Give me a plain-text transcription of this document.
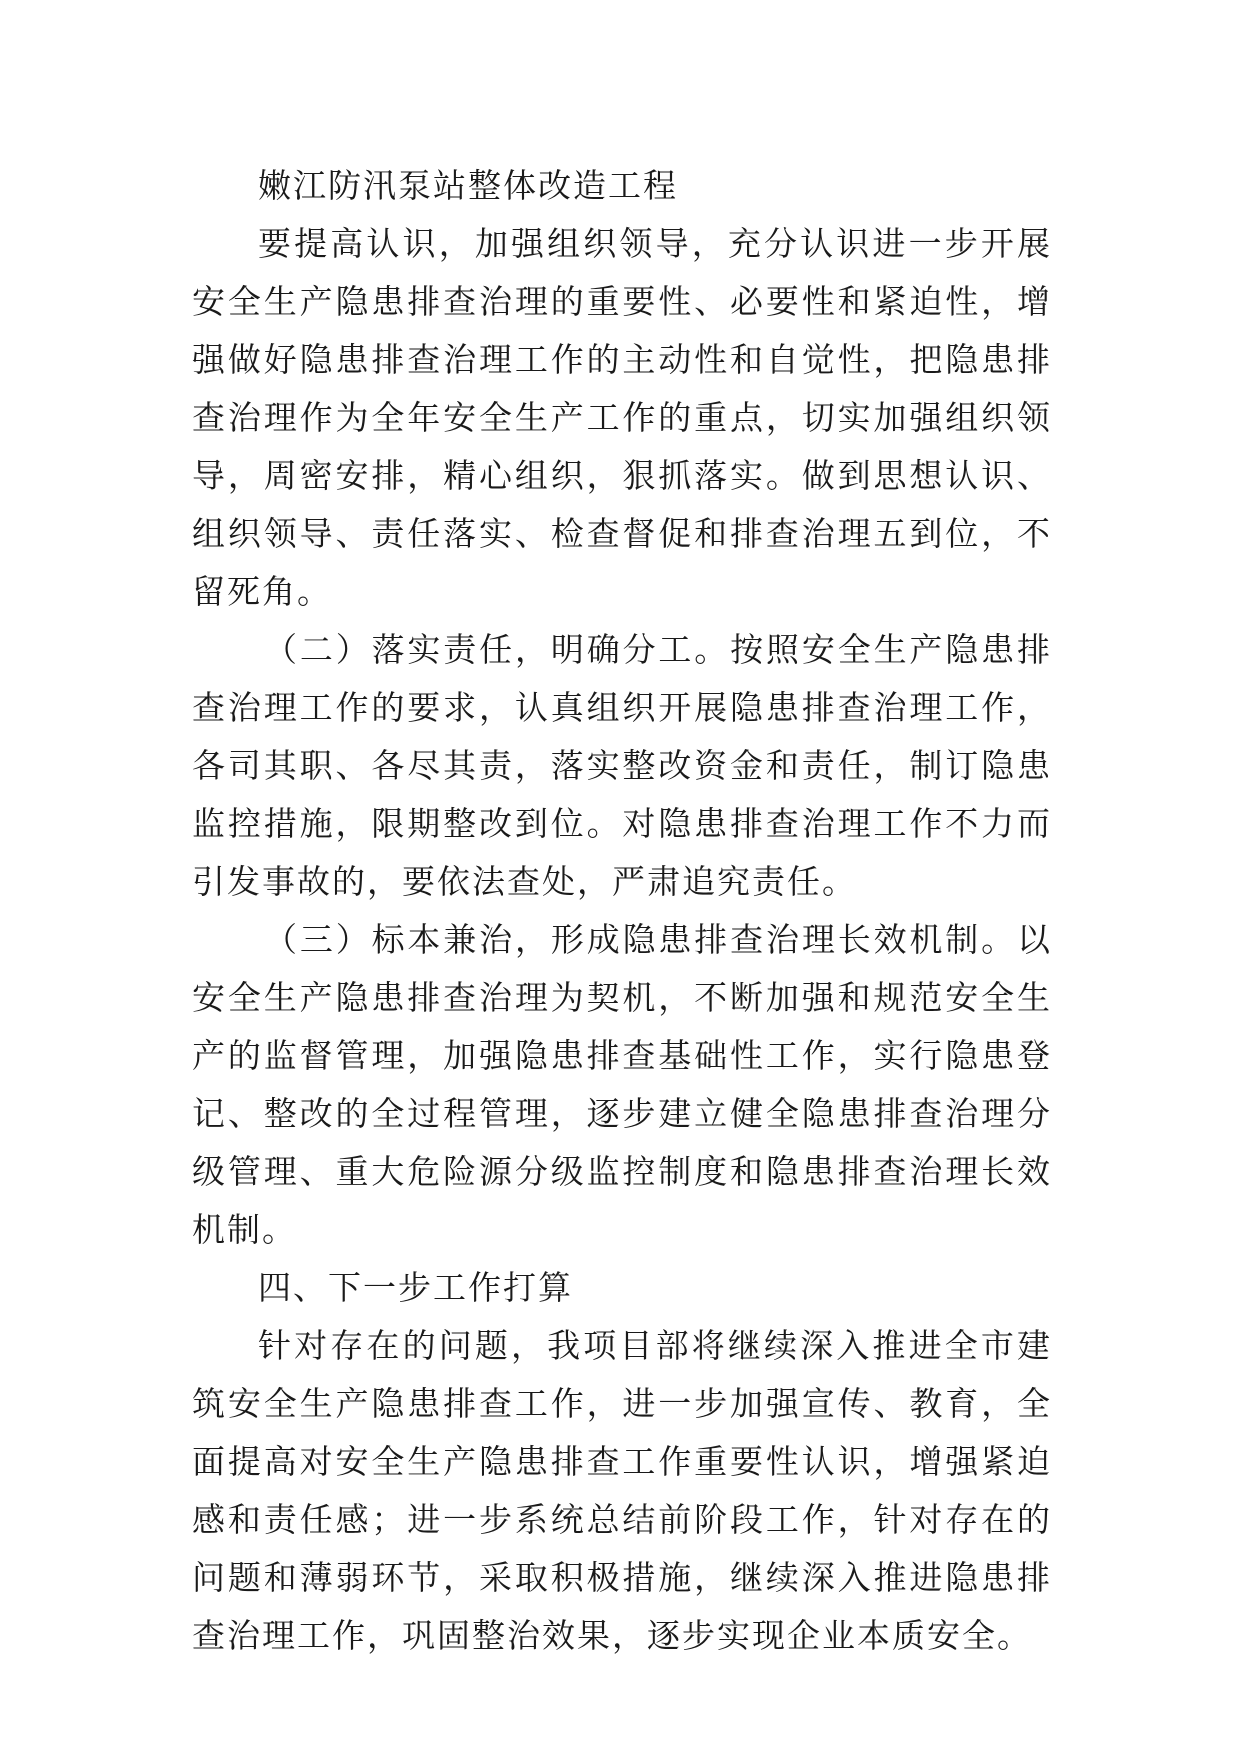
嫩江防汛泵站整体改造工程

要提高认识，加强组织领导，充分认识进一步开展安全生产隐患排查治理的重要性、必要性和紧迫性，增强做好隐患排查治理工作的主动性和自觉性，把隐患排查治理作为全年安全生产工作的重点，切实加强组织领导，周密安排，精心组织，狠抓落实。做到思想认识、组织领导、责任落实、检查督促和排查治理五到位，不留死角。

（二）落实责任，明确分工。按照安全生产隐患排查治理工作的要求，认真组织开展隐患排查治理工作，各司其职、各尽其责，落实整改资金和责任，制订隐患监控措施，限期整改到位。对隐患排查治理工作不力而引发事故的，要依法查处，严肃追究责任。

（三）标本兼治，形成隐患排查治理长效机制。以安全生产隐患排查治理为契机，不断加强和规范安全生产的监督管理，加强隐患排查基础性工作，实行隐患登记、整改的全过程管理，逐步建立健全隐患排查治理分级管理、重大危险源分级监控制度和隐患排查治理长效机制。

四、下一步工作打算

针对存在的问题，我项目部将继续深入推进全市建筑安全生产隐患排查工作，进一步加强宣传、教育，全面提高对安全生产隐患排查工作重要性认识，增强紧迫感和责任感；进一步系统总结前阶段工作，针对存在的问题和薄弱环节，采取积极措施，继续深入推进隐患排查治理工作，巩固整治效果，逐步实现企业本质安全。
